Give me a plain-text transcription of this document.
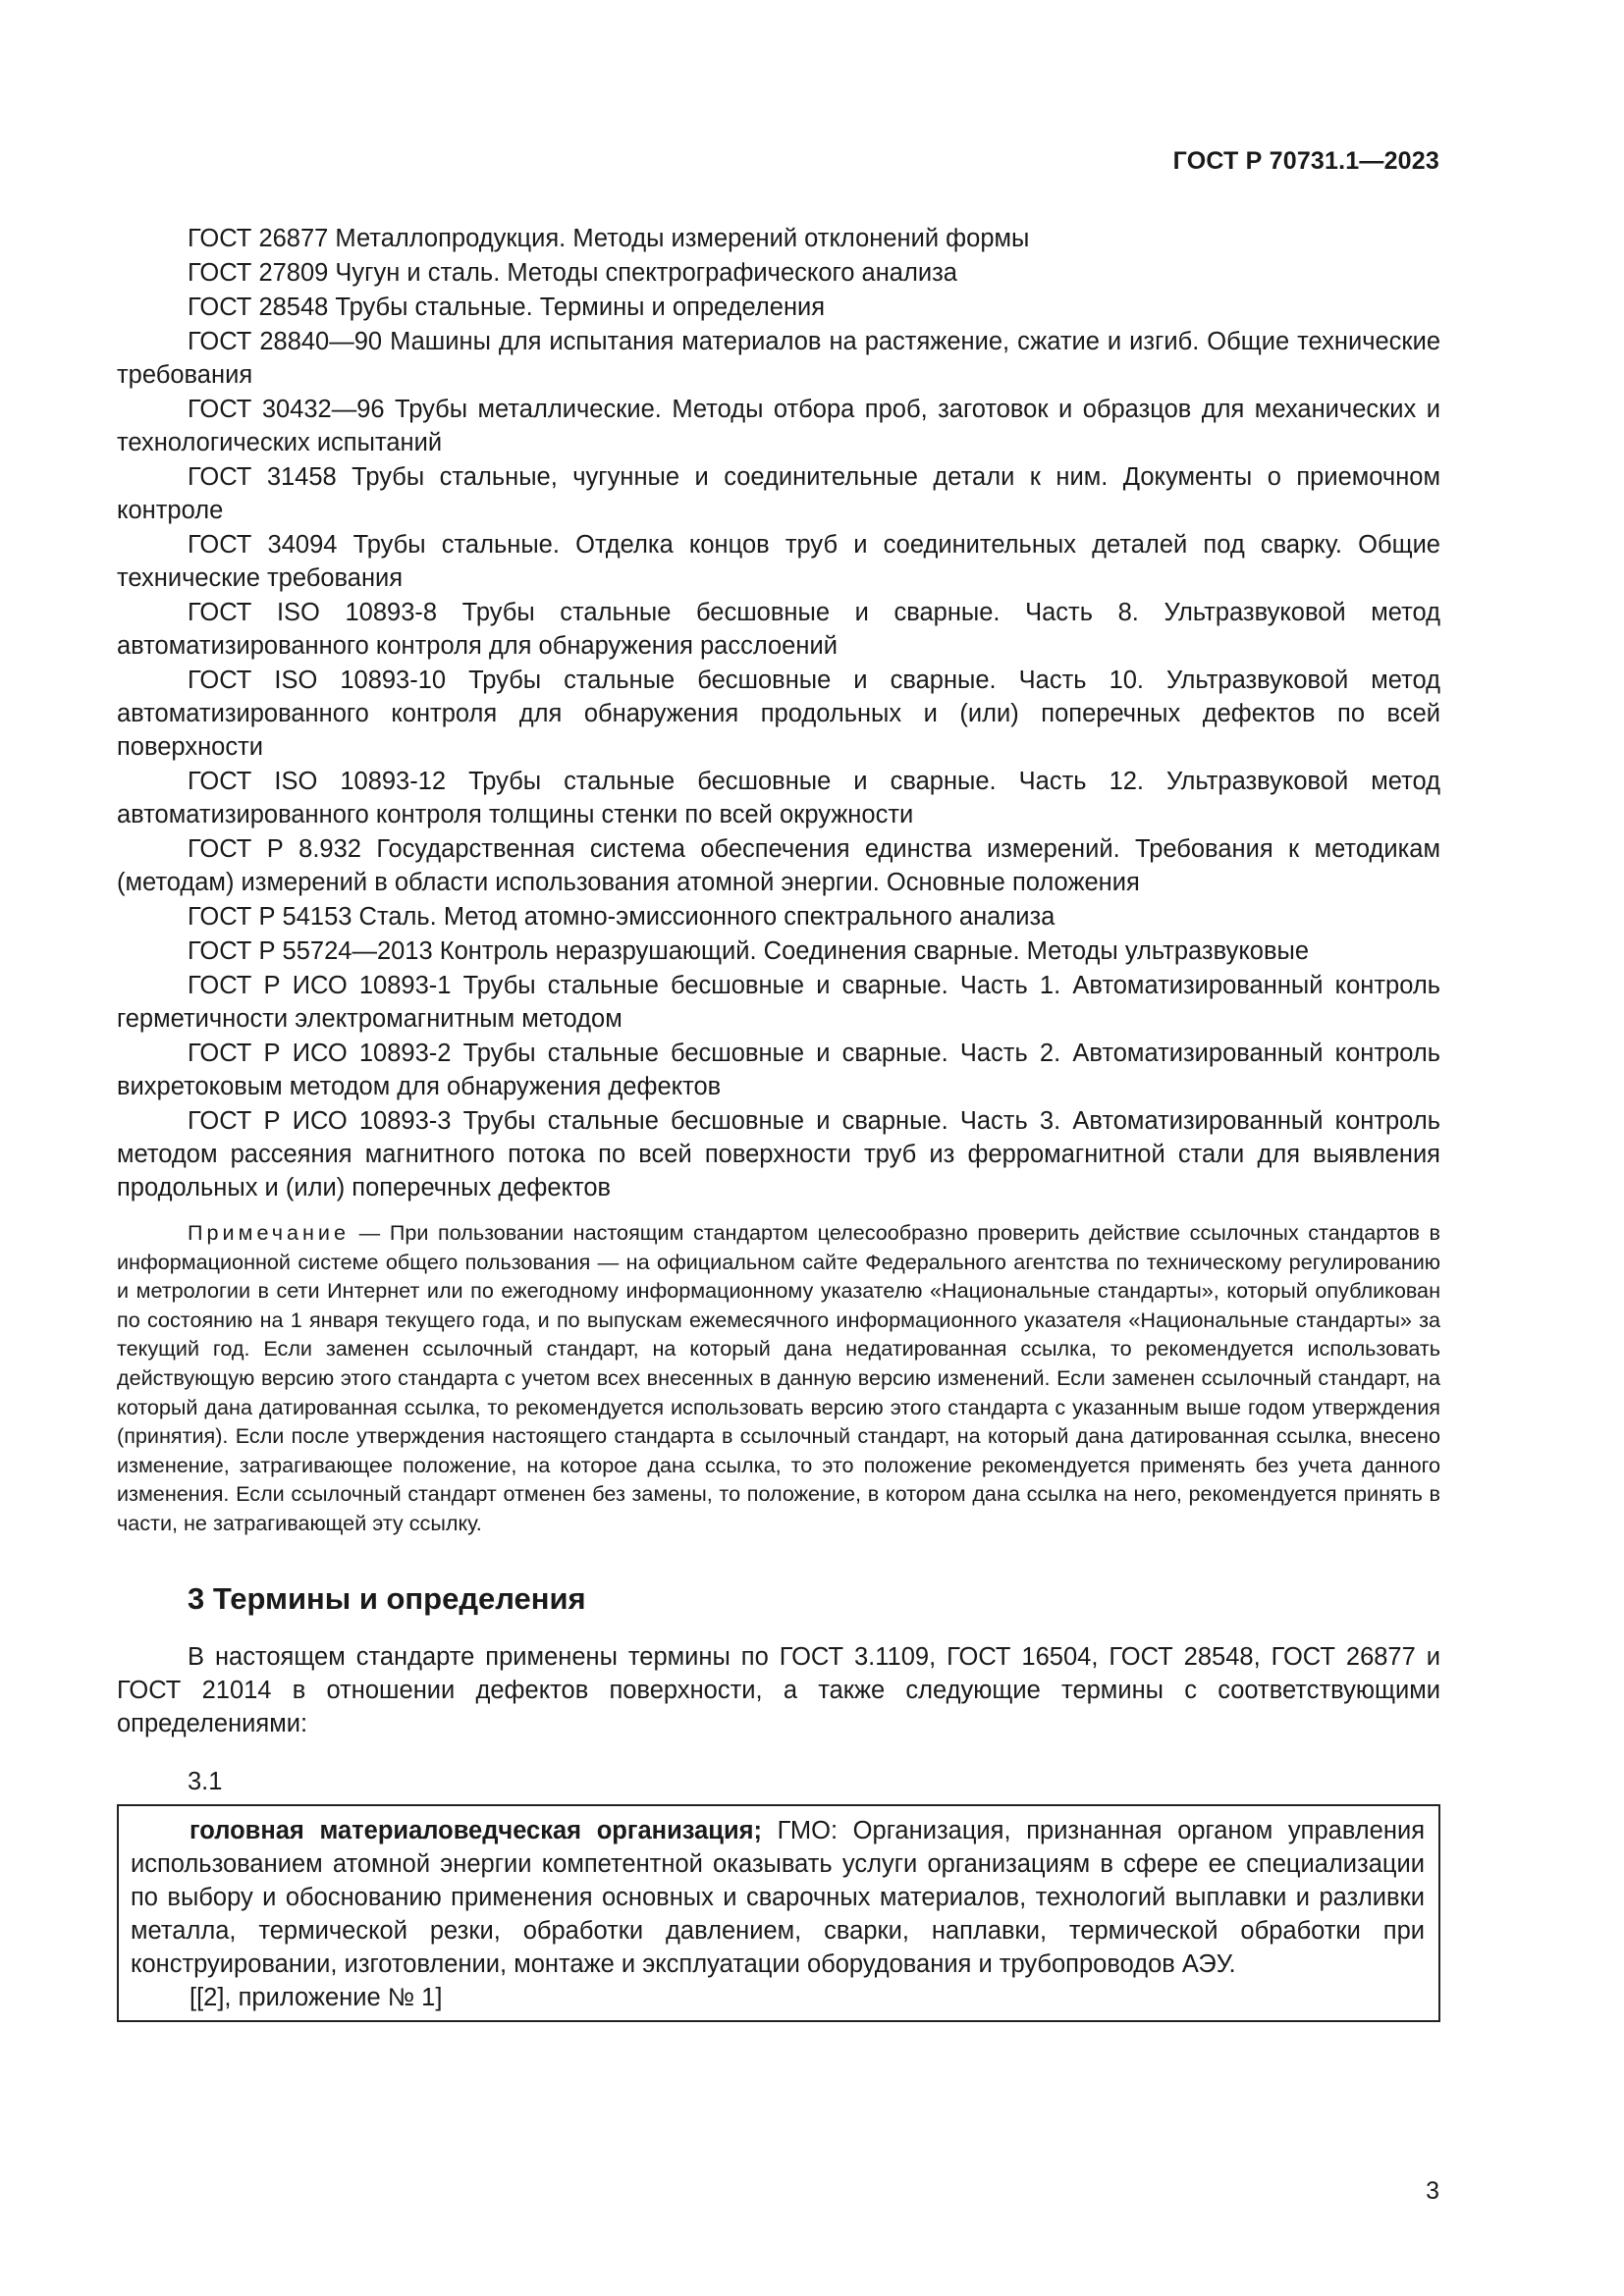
ГОСТ Р 70731.1—2023

ГОСТ 26877 Металлопродукция. Методы измерений отклонений формы

ГОСТ 27809 Чугун и сталь. Методы спектрографического анализа

ГОСТ 28548 Трубы стальные. Термины и определения

ГОСТ 28840—90 Машины для испытания материалов на растяжение, сжатие и изгиб. Общие технические требования

ГОСТ 30432—96 Трубы металлические. Методы отбора проб, заготовок и образцов для механических и технологических испытаний

ГОСТ 31458 Трубы стальные, чугунные и соединительные детали к ним. Документы о приемочном контроле

ГОСТ 34094 Трубы стальные. Отделка концов труб и соединительных деталей под сварку. Общие технические требования

ГОСТ ISO 10893-8 Трубы стальные бесшовные и сварные. Часть 8. Ультразвуковой метод автоматизированного контроля для обнаружения расслоений

ГОСТ ISO 10893-10 Трубы стальные бесшовные и сварные. Часть 10. Ультразвуковой метод автоматизированного контроля для обнаружения продольных и (или) поперечных дефектов по всей поверхности

ГОСТ ISO 10893-12 Трубы стальные бесшовные и сварные. Часть 12. Ультразвуковой метод автоматизированного контроля толщины стенки по всей окружности

ГОСТ Р 8.932 Государственная система обеспечения единства измерений. Требования к методикам (методам) измерений в области использования атомной энергии. Основные положения

ГОСТ Р 54153 Сталь. Метод атомно-эмиссионного спектрального анализа

ГОСТ Р 55724—2013 Контроль неразрушающий. Соединения сварные. Методы ультразвуковые

ГОСТ Р ИСО 10893-1 Трубы стальные бесшовные и сварные. Часть 1. Автоматизированный контроль герметичности электромагнитным методом

ГОСТ Р ИСО 10893-2 Трубы стальные бесшовные и сварные. Часть 2. Автоматизированный контроль вихретоковым методом для обнаружения дефектов

ГОСТ Р ИСО 10893-3 Трубы стальные бесшовные и сварные. Часть 3. Автоматизированный контроль методом рассеяния магнитного потока по всей поверхности труб из ферромагнитной стали для выявления продольных и (или) поперечных дефектов

Примечание — При пользовании настоящим стандартом целесообразно проверить действие ссылочных стандартов в информационной системе общего пользования — на официальном сайте Федерального агентства по техническому регулированию и метрологии в сети Интернет или по ежегодному информационному указателю «Национальные стандарты», который опубликован по состоянию на 1 января текущего года, и по выпускам ежемесячного информационного указателя «Национальные стандарты» за текущий год. Если заменен ссылочный стандарт, на который дана недатированная ссылка, то рекомендуется использовать действующую версию этого стандарта с учетом всех внесенных в данную версию изменений. Если заменен ссылочный стандарт, на который дана датированная ссылка, то рекомендуется использовать версию этого стандарта с указанным выше годом утверждения (принятия). Если после утверждения настоящего стандарта в ссылочный стандарт, на который дана датированная ссылка, внесено изменение, затрагивающее положение, на которое дана ссылка, то это положение рекомендуется применять без учета данного изменения. Если ссылочный стандарт отменен без замены, то положение, в котором дана ссылка на него, рекомендуется принять в части, не затрагивающей эту ссылку.

3 Термины и определения

В настоящем стандарте применены термины по ГОСТ 3.1109, ГОСТ 16504, ГОСТ 28548, ГОСТ 26877 и ГОСТ 21014 в отношении дефектов поверхности, а также следующие термины с соответствующими определениями:

3.1

головная материаловедческая организация; ГМО: Организация, признанная органом управления использованием атомной энергии компетентной оказывать услуги организациям в сфере ее специализации по выбору и обоснованию применения основных и сварочных материалов, технологий выплавки и разливки металла, термической резки, обработки давлением, сварки, наплавки, термической обработки при конструировании, изготовлении, монтаже и эксплуатации оборудования и трубопроводов АЭУ.

[[2], приложение № 1]
3
